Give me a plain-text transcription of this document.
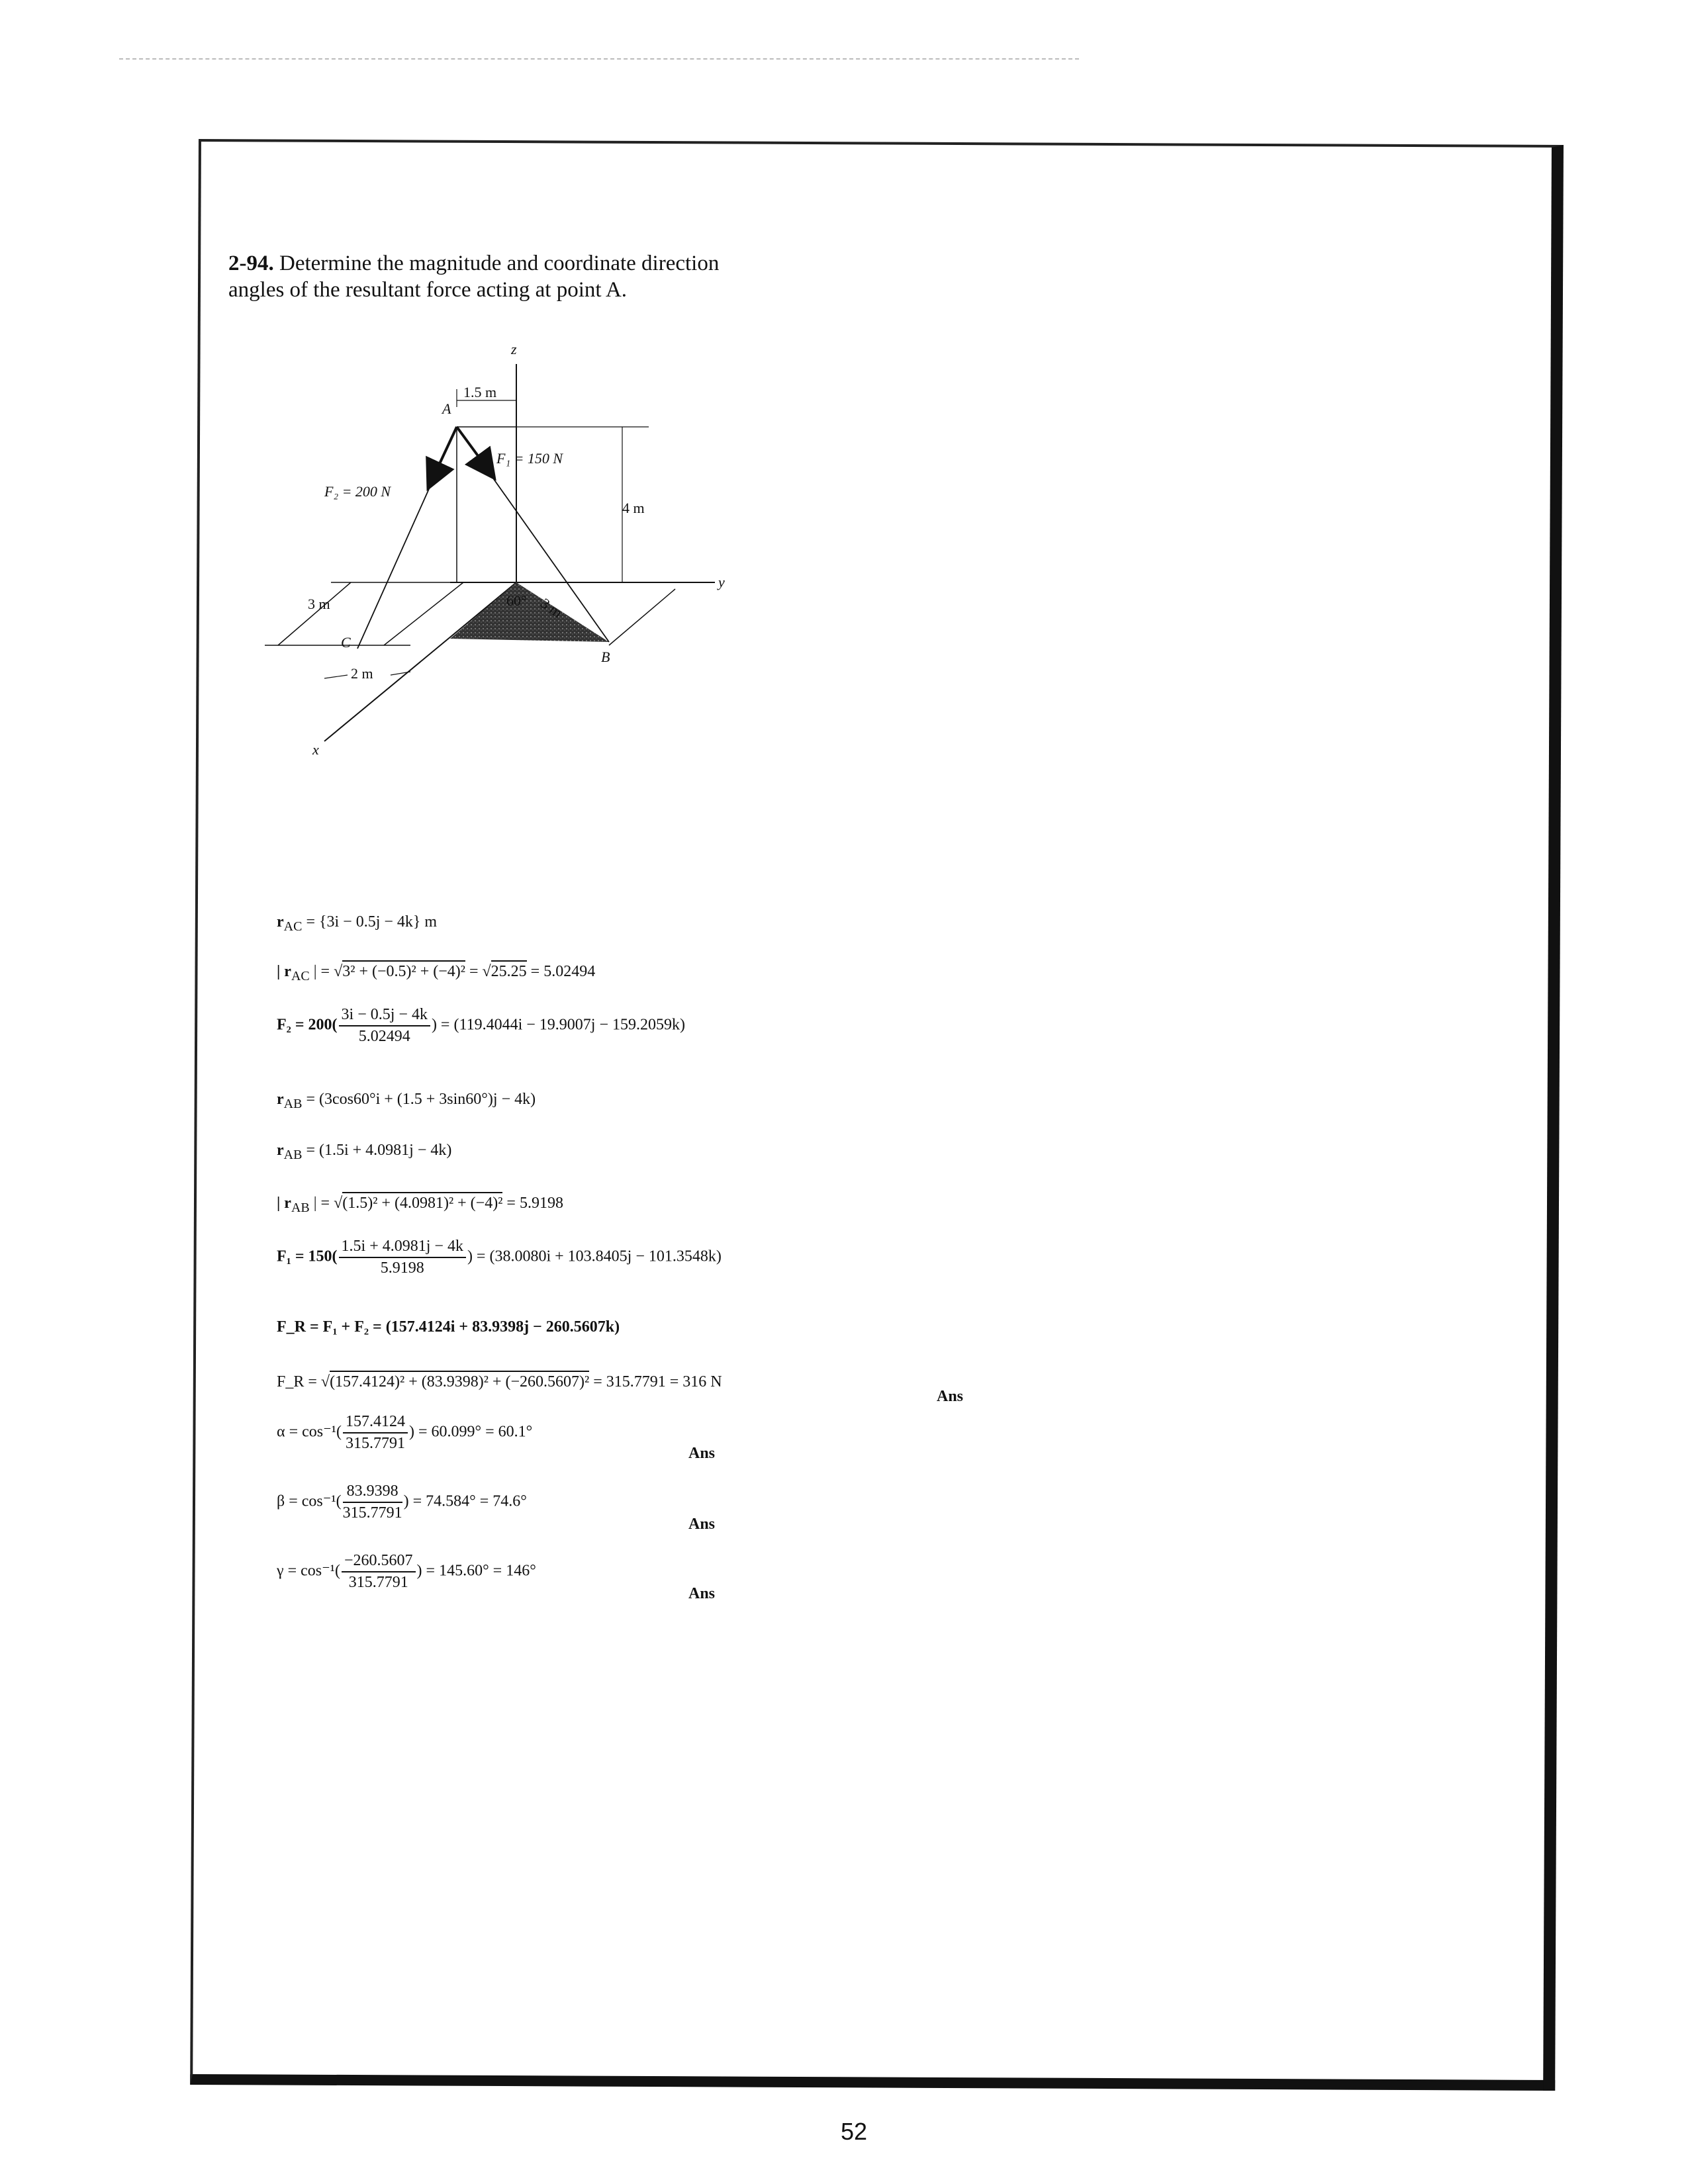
2-94. Determine the magnitude and coordinate direction angles of the resultant force acting at point A.
z
y
x
A
B
C
1.5 m
4 m
F₁ = 150 N
F₂ = 200 N
3 m
2 m
3 m
60°
$r_{AC} = \{3i - 0.5j - 4k\}$ m
| $r_{AC}$ | = √3² + (−0.5)² + (−4)² = √25.25 = 5.02494
$F_2 = 200( \frac{3i - 0.5j - 4k}{5.02494}$ ) = (119.4044i − 19.9007j − 159.2059k)
$r_{AB} = (3\cos 60^\circ i + (1.5 + 3\sin 60^\circ)j - 4k)$
$r_{AB} = (1.5i + 4.0981j - 4k)$
| $r_{AB}$ | = √(1.5)² + (4.0981)² + (−4)² = 5.9198
$F_1 = 150( \frac{1.5i + 4.0981j - 4k}{5.9198}$ ) = (38.0080i + 103.8405j − 101.3548k)
F_R = F₁ + F₂ = (157.4124i + 83.9398j − 260.5607k)
F_R = √(157.4124)² + (83.9398)² + (−260.5607)² = 315.7791 = 316 N
$\alpha = \cos^{-1}( \frac{157.4124}{315.7791}$ ) = 60.099° = 60.1°
$\beta = \cos^{-1}( \frac{83.9398}{315.7791}$ ) = 74.584° = 74.6°
$\gamma = \cos^{-1}( \frac{-260.5607}{315.7791}$ ) = 145.60° = 146°
Ans
Ans
Ans
Ans
52
